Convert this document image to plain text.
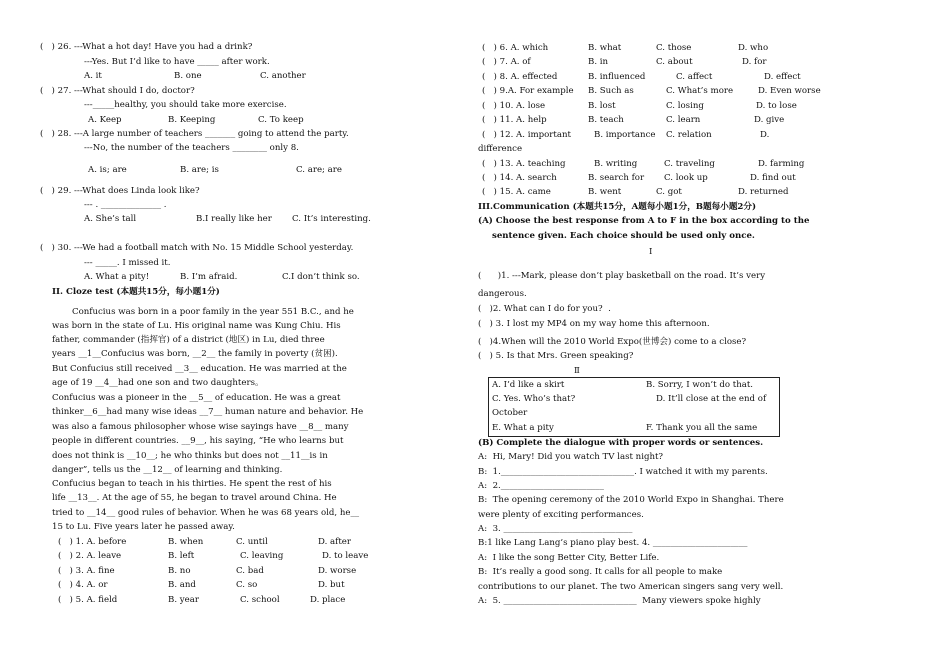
(   ) 26. ---What a hot day! Have you had a drink?
---Yes. But I’d like to have _____ after work.
A. it	B. one	C. another
(   ) 27. ---What should I do, doctor?
---_____healthy, you should take more exercise.
A. Keep	B. Keeping	C. To keep
(   ) 28. ---A large number of teachers _______ going to attend the party.
---No, the number of the teachers ________ only 8.
A. is; are	B. are; is	C. are; are
(   ) 29. ---What does Linda look like?
--- . ______________ .
A. She’s tall	B.I really like her C. It’s interesting.
(   ) 30. ---We had a football match with No. 15 Middle School yesterday.
--- _____. I missed it.
A. What a pity!	B. I’m afraid.	C.I don’t think so.
II. Cloze test (本题共15分，每小题1分)
Confucius was born in a poor family in the year 551 B.C., and he
was born in the state of Lu. His original name was Kung Chiu. His
father, commander (指挥官) of a district (地区) in Lu, died three
years __1__Confucius was born, __2__ the family in poverty (贫困).
But Confucius still received __3__ education. He was married at the
age of 19 __4__had one son and two daughters。
Confucius was a pioneer in the __5__ of education. He was a great
thinker__6__had many wise ideas __7__ human nature and behavior. He
was also a famous philosopher whose wise sayings have __8__ many
people in different countries. __9__, his saying, “He who learns but
does not think is __10__; he who thinks but does not __11__is in
danger”, tells us the __12__ of learning and thinking.
Confucius began to teach in his thirties. He spent the rest of his
life __13__. At the age of 55, he began to travel around China. He
tried to __14__ good rules of behavior. When he was 68 years old, he__
15 to Lu. Five years later he passed away.
(   ) 1. A. before	B. when	C. until	D. after
(   ) 2. A. leave	B. left	C. leaving	D. to leave
(   ) 3. A. fine	B. no	C. bad	D. worse
(   ) 4. A. or	B. and	C. so	D. but
(   ) 5. A. field	B. year	C. school	D. place
(   ) 6. A. which	B. what	C. those	D. who
(   ) 7. A. of	B. in	C. about	D. for
(   ) 8. A. effected	B. influenced	C. affect	D. effect
(   ) 9.A. For example B. Such as	C. What’s more	D. Even worse
(   ) 10. A. lose	B. lost	C. losing	D. to lose
(   ) 11. A. help	B. teach	C. learn	D. give
(   ) 12. A. important	B. importance C. relation	D.
difference
(   ) 13. A. teaching	B. writing	C. traveling	D. farming
(   ) 14. A. search	B. search for C. look up	D. find out
(   ) 15. A. came	B. went	C. got	D. returned
III.Communication (本题共15分，A题每小题1分，B题每小题2分)
(A) Choose the best response from A to F in the box according to the
sentence given. Each choice should be used only once.
Ⅰ
(      )1. ---Mark, please don’t play basketball on the road. It’s very
dangerous.
(   )2. What can I do for you?  .
(   ) 3. I lost my MP4 on my way home this afternoon.
(   )4.When will the 2010 World Expo(世博会) come to a close?
(   ) 5. Is that Mrs. Green speaking?
Ⅱ
A. I’d like a skirt	B. Sorry, I won’t do that.
C. Yes. Who’s that?	D. It’ll close at the end of
October
E. What a pity	F. Thank you all the same
(B) Complete the dialogue with proper words or sentences.
A:  Hi, Mary! Did you watch TV last night?
B:  1._______________________________. I watched it with my parents.
A:  2.________________________
B:  The opening ceremony of the 2010 World Expo in Shanghai. There
were plenty of exciting performances.
A:  3. ______________________________
B:1 like Lang Lang’s piano play best. 4. ______________________
A:  I like the song Better City, Better Life.
B:  It’s really a good song. It calls for all people to make
contributions to our planet. The two American singers sang very well.
A:  5. _______________________________  Many viewers spoke highly
